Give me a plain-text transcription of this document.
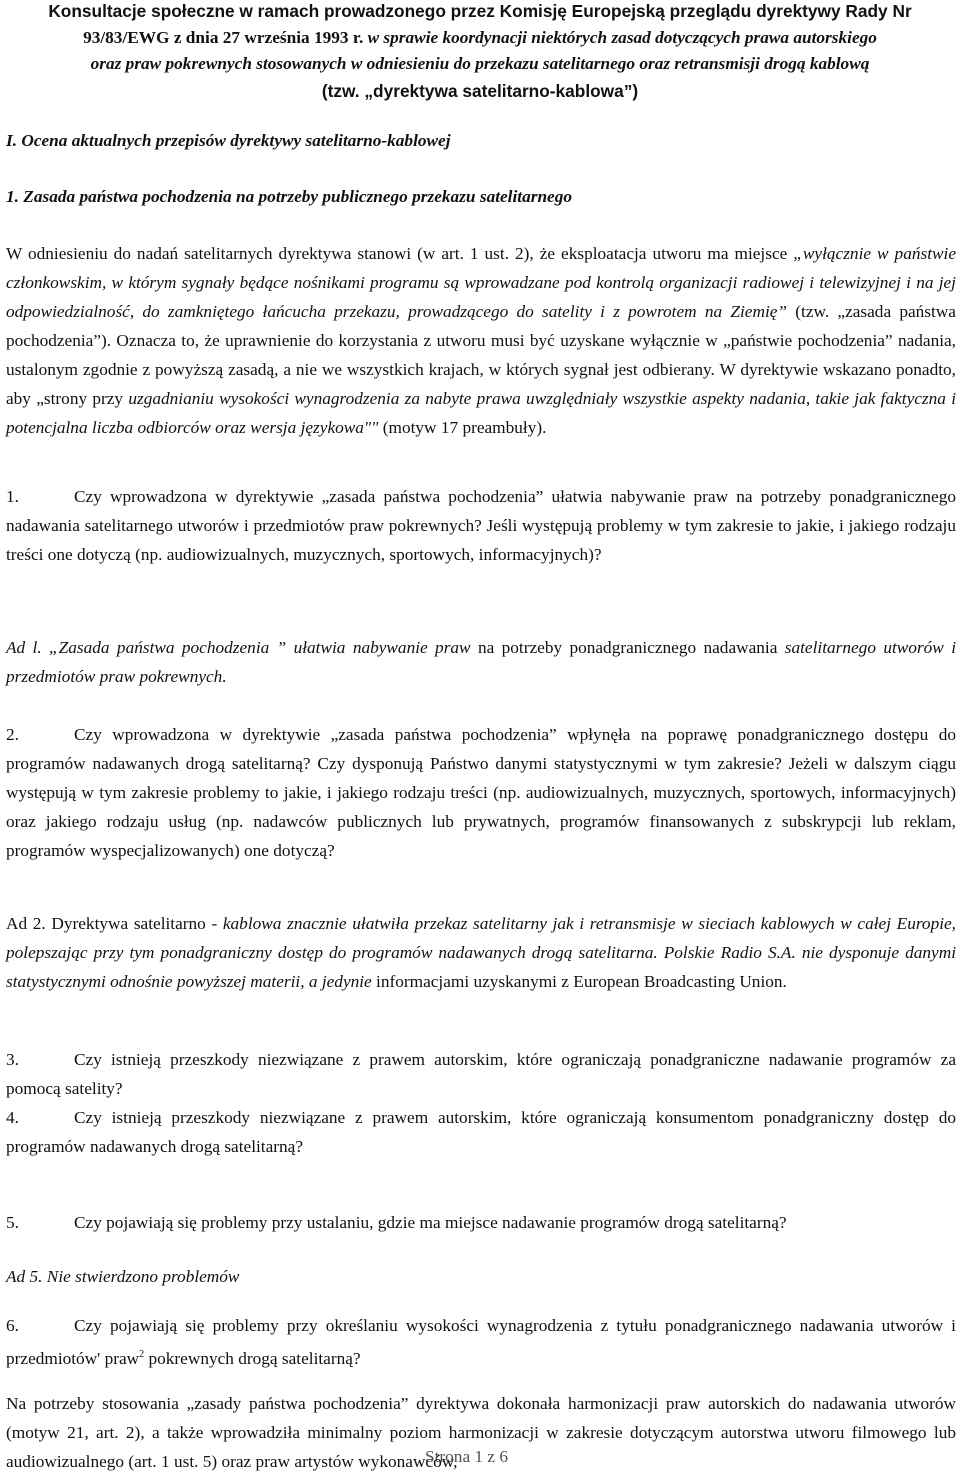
Konsultacje społeczne w ramach prowadzonego przez Komisję Europejską przeglądu dyrektywy Rady Nr
93/83/EWG z dnia 27 września 1993 r. w sprawie koordynacji niektórych zasad dotyczących prawa autorskiego
oraz praw pokrewnych stosowanych w odniesieniu do przekazu satelitarnego oraz retransmisji drogą kablową
(tzw. „dyrektywa satelitarno-kablowa”)
I. Ocena aktualnych przepisów dyrektywy satelitarno-kablowej
1. Zasada państwa pochodzenia na potrzeby publicznego przekazu satelitarnego
W odniesieniu do nadań satelitarnych dyrektywa stanowi (w art. 1 ust. 2), że eksploatacja utworu ma miejsce „wyłącznie w państwie członkowskim, w którym sygnały będące nośnikami programu są wprowadzane pod kontrolą organizacji radiowej i telewizyjnej i na jej odpowiedzialność, do zamkniętego łańcucha przekazu, prowadzącego do satelity i z powrotem na Ziemię” (tzw. „zasada państwa pochodzenia”). Oznacza to, że uprawnienie do korzystania z utworu musi być uzyskane wyłącznie w „państwie pochodzenia” nadania, ustalonym zgodnie z powyższą zasadą, a nie we wszystkich krajach, w których sygnał jest odbierany. W dyrektywie wskazano ponadto, aby „strony przy uzgadnianiu wysokości wynagrodzenia za nabyte prawa uwzględniały wszystkie aspekty nadania, takie jak faktyczna i potencjalna liczba odbiorców oraz wersja językowa"" (motyw 17 preambuły).
1.	Czy wprowadzona w dyrektywie „zasada państwa pochodzenia” ułatwia nabywanie praw na potrzeby ponadgranicznego nadawania satelitarnego utworów i przedmiotów praw pokrewnych? Jeśli występują problemy w tym zakresie to jakie, i jakiego rodzaju treści one dotyczą (np. audiowizualnych, muzycznych, sportowych, informacyjnych)?
Ad l. „Zasada państwa pochodzenia ” ułatwia nabywanie praw na potrzeby ponadgranicznego nadawania satelitarnego utworów i przedmiotów praw pokrewnych.
2.	Czy wprowadzona w dyrektywie „zasada państwa pochodzenia” wpłynęła na poprawę ponadgranicznego dostępu do programów nadawanych drogą satelitarną? Czy dysponują Państwo danymi statystycznymi w tym zakresie? Jeżeli w dalszym ciągu występują w tym zakresie problemy to jakie, i jakiego rodzaju treści (np. audiowizualnych, muzycznych, sportowych, informacyjnych) oraz jakiego rodzaju usług (np. nadawców publicznych lub prywatnych, programów finansowanych z subskrypcji lub reklam, programów wyspecjalizowanych) one dotyczą?
Ad 2. Dyrektywa satelitarno - kablowa znacznie ułatwiła przekaz satelitarny jak i retransmisje w sieciach kablowych w całej Europie, polepszając przy tym ponadgraniczny dostęp do programów nadawanych drogą satelitarna. Polskie Radio S.A. nie dysponuje danymi statystycznymi odnośnie powyższej materii, a jedynie informacjami uzyskanymi z European Broadcasting Union.
3.	Czy istnieją przeszkody niezwiązane z prawem autorskim, które ograniczają ponadgraniczne nadawanie programów za pomocą satelity?
4.	Czy istnieją przeszkody niezwiązane z prawem autorskim, które ograniczają konsumentom ponadgraniczny dostęp do programów nadawanych drogą satelitarną?
5.	Czy pojawiają się problemy przy ustalaniu, gdzie ma miejsce nadawanie programów drogą satelitarną?
Ad 5. Nie stwierdzono problemów
6.	Czy pojawiają się problemy przy określaniu wysokości wynagrodzenia z tytułu ponadgranicznego nadawania utworów i przedmiotów' praw$^2$ pokrewnych drogą satelitarną?
Na potrzeby stosowania „zasady państwa pochodzenia” dyrektywa dokonała harmonizacji praw autorskich do nadawania utworów (motyw 21, art. 2), a także wprowadziła minimalny poziom harmonizacji w zakresie dotyczącym autorstwa utworu filmowego lub audiowizualnego (art. 1 ust. 5) oraz praw artystów wykonawców,
Strona 1 z 6
